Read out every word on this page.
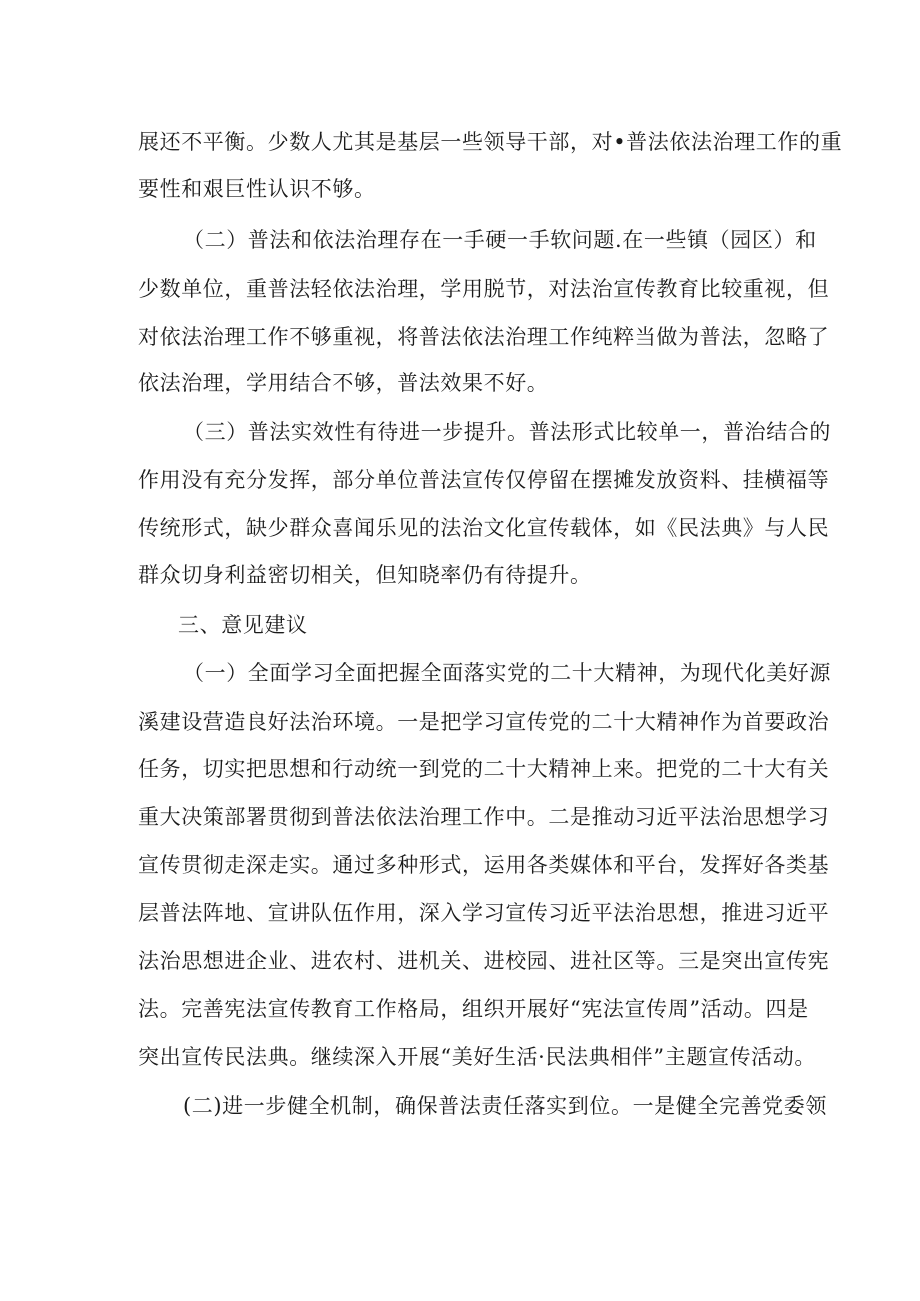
展还不平衡。少数人尤其是基层一些领导干部，对•普法依法治理工作的重
要性和艰巨性认识不够。
（二）普法和依法治理存在一手硬一手软问题.在一些镇（园区）和
少数单位，重普法轻依法治理，学用脱节，对法治宣传教育比较重视，但
对依法治理工作不够重视，将普法依法治理工作纯粹当做为普法，忽略了
依法治理，学用结合不够，普法效果不好。
（三）普法实效性有待进一步提升。普法形式比较单一，普治结合的
作用没有充分发挥，部分单位普法宣传仅停留在摆摊发放资料、挂横福等
传统形式，缺少群众喜闻乐见的法治文化宣传载体，如《民法典》与人民
群众切身利益密切相关，但知晓率仍有待提升。
三、意见建议
（一）全面学习全面把握全面落实党的二十大精神，为现代化美好源
溪建设营造良好法治环境。一是把学习宣传党的二十大精神作为首要政治
任务，切实把思想和行动统一到党的二十大精神上来。把党的二十大有关
重大决策部署贯彻到普法依法治理工作中。二是推动习近平法治思想学习
宣传贯彻走深走实。通过多种形式，运用各类媒体和平台，发挥好各类基
层普法阵地、宣讲队伍作用，深入学习宣传习近平法治思想，推进习近平
法治思想进企业、进农村、进机关、进校园、进社区等。三是突出宣传宪
法。完善宪法宣传教育工作格局，组织开展好“宪法宣传周”活动。四是
突出宣传民法典。继续深入开展“美好生活·民法典相伴”主题宣传活动。
(二)进一步健全机制，确保普法责任落实到位。一是健全完善党委领
